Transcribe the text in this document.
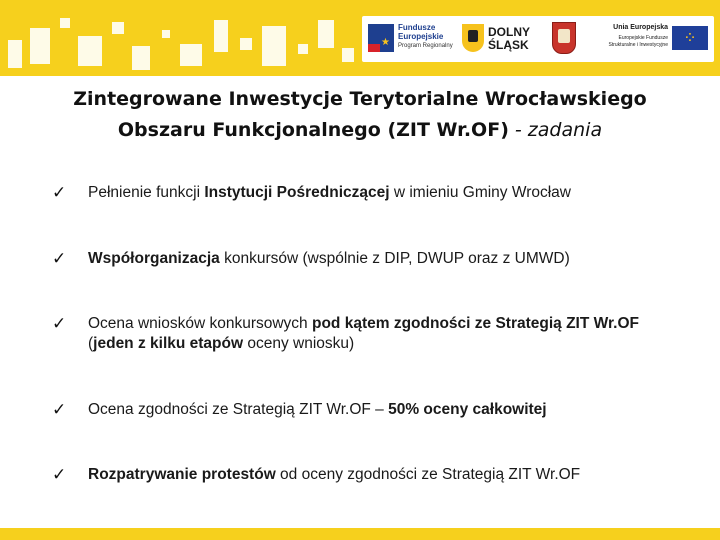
★
Fundusze
Europejskie
Program Regionalny
DOLNY
ŚLĄSK
Unia Europejska
Europejskie Fundusze
Strukturalne i Inwestycyjne ⁘
Zintegrowane Inwestycje Terytorialne Wrocławskiego
Obszaru Funkcjonalnego (ZIT Wr.OF) - zadania
✓ Pełnienie funkcji Instytucji Pośredniczącej w imieniu Gminy Wrocław
✓ Współorganizacja konkursów (wspólnie z DIP, DWUP oraz z UMWD)
✓ Ocena wniosków konkursowych pod kątem zgodności ze Strategią ZIT Wr.OF (jeden z kilku etapów oceny wniosku)
✓ Ocena zgodności ze Strategią ZIT Wr.OF – 50% oceny całkowitej
✓ Rozpatrywanie protestów od oceny zgodności ze Strategią ZIT Wr.OF
